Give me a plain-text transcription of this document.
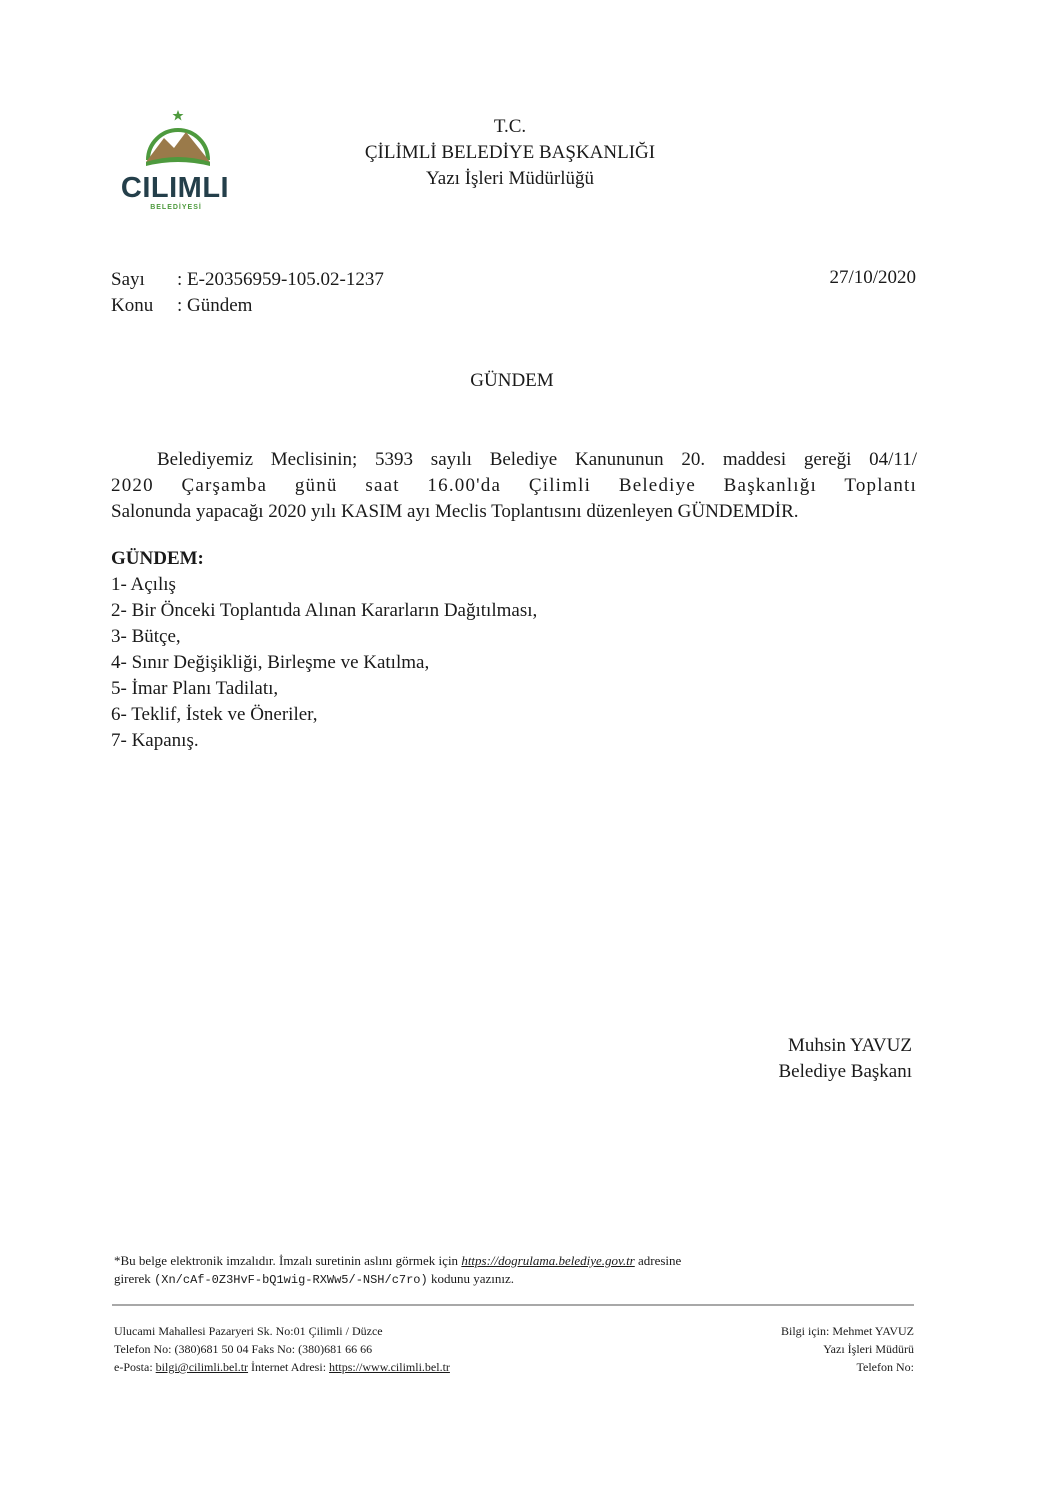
CILIMLI
BELEDİYESİ
T.C.
ÇİLİMLİ BELEDİYE BAŞKANLIĞI
Yazı İşleri Müdürlüğü
Sayı : E-20356959-105.02-1237
Konu : Gündem
27/10/2020
GÜNDEM
Belediyemiz Meclisinin; 5393 sayılı Belediye Kanununun 20. maddesi gereği 04/11/
2020 Çarşamba günü saat 16.00'da Çilimli Belediye Başkanlığı Toplantı
Salonunda yapacağı 2020 yılı KASIM ayı Meclis Toplantısını düzenleyen GÜNDEMDİR.
GÜNDEM:
1- Açılış
2- Bir Önceki Toplantıda Alınan Kararların Dağıtılması,
3- Bütçe,
4- Sınır Değişikliği, Birleşme ve Katılma,
5- İmar Planı Tadilatı,
6- Teklif, İstek ve Öneriler,
7- Kapanış.
Muhsin YAVUZ
Belediye Başkanı
*Bu belge elektronik imzalıdır. İmzalı suretinin aslını görmek için https://dogrulama.belediye.gov.tr adresine
girerek (Xn/cAf-0Z3HvF-bQ1wig-RXWw5/-NSH/c7ro) kodunu yazınız.
Ulucami Mahallesi Pazaryeri Sk. No:01 Çilimli / Düzce
Telefon No: (380)681 50 04 Faks No: (380)681 66 66
e-Posta: bilgi@cilimli.bel.tr İnternet Adresi: https://www.cilimli.bel.tr
Bilgi için: Mehmet YAVUZ
Yazı İşleri Müdürü
Telefon No:
